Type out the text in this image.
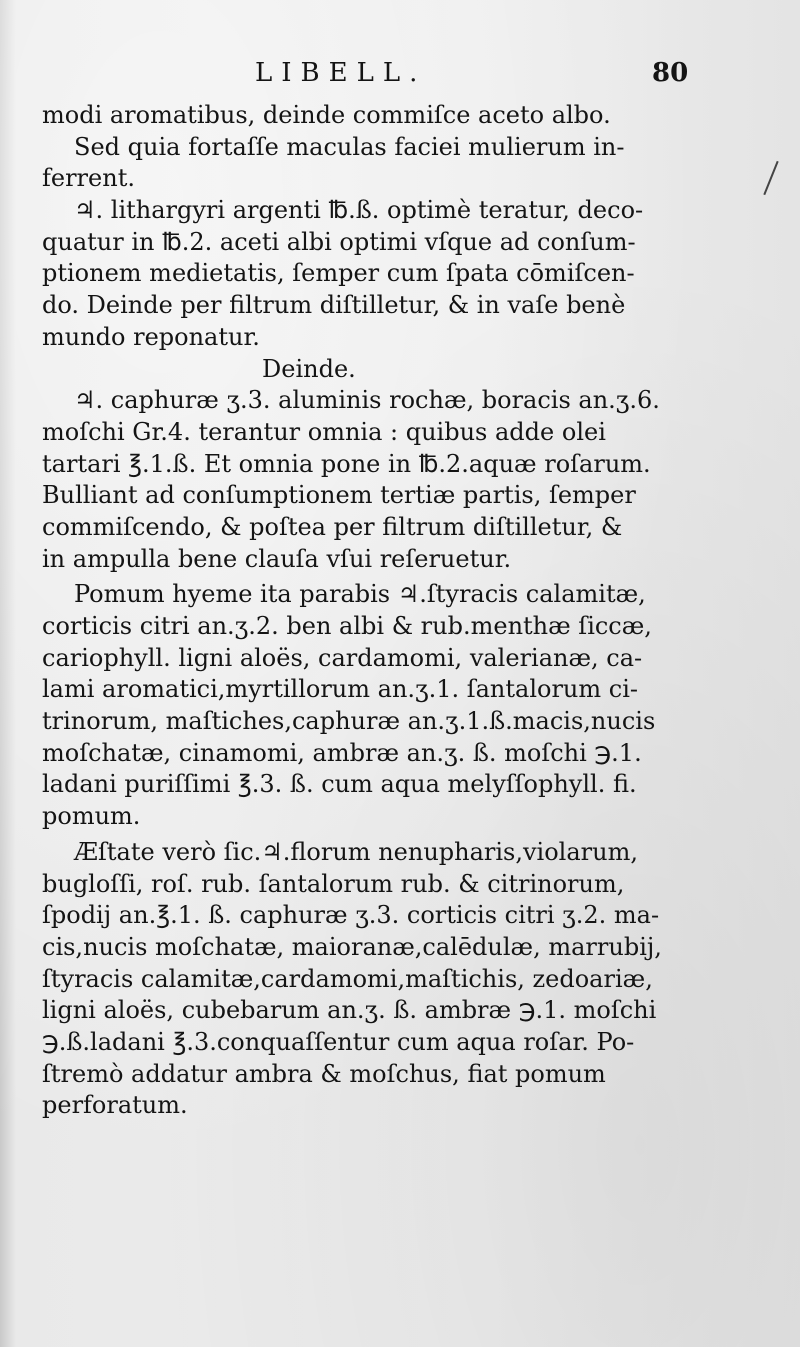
LIBELL.	80
modi aromatibus, deinde commiſce aceto albo.
Sed quia fortaſſe maculas faciei mulierum in-
ferrent.
♃. lithargyri argenti ℔.ß. optimè teratur, deco-
quatur in ℔.2. aceti albi optimi vſque ad conſum-
ptionem medietatis, ſemper cum ſpata cōmiſcen-
do. Deinde per filtrum diſtilletur, & in vaſe benè
mundo reponatur.
Deinde.
♃. caphuræ ʒ.3. aluminis rochæ, boracis an.ʒ.6.
moſchi Gr.4. terantur omnia : quibus adde olei
tartari ℥.1.ß. Et omnia pone in ℔.2.aquæ roſarum.
Bulliant ad conſumptionem tertiæ partis, ſemper
commiſcendo, & poſtea per filtrum diſtilletur, &
in ampulla bene clauſa vſui reſeruetur.
Pomum hyeme ita parabis ♃.ſtyracis calamitæ,
corticis citri an.ʒ.2. ben albi & rub.menthæ ſiccæ,
cariophyll. ligni aloës, cardamomi, valerianæ, ca-
lami aromatici,myrtillorum an.ʒ.1. ſantalorum ci-
trinorum, maſtiches,caphuræ an.ʒ.1.ß.macis,nucis
moſchatæ, cinamomi, ambræ an.ʒ. ß. moſchi ℈.1.
ladani puriſſimi ℥.3. ß. cum aqua melyſſophyll. fi.
pomum.
Æſtate verò ſic.♃.florum nenupharis,violarum,
bugloſſi, roſ. rub. ſantalorum rub. & citrinorum,
ſpodij an.℥.1. ß. caphuræ ʒ.3. corticis citri ʒ.2. ma-
cis,nucis moſchatæ, maioranæ,calēdulæ, marrubij,
ſtyracis calamitæ,cardamomi,maſtichis, zedoariæ,
ligni aloës, cubebarum an.ʒ. ß. ambræ ℈.1. moſchi
℈.ß.ladani ℥.3.conquaſſentur cum aqua roſar. Po-
ſtremò addatur ambra & moſchus, fiat pomum
perforatum.
